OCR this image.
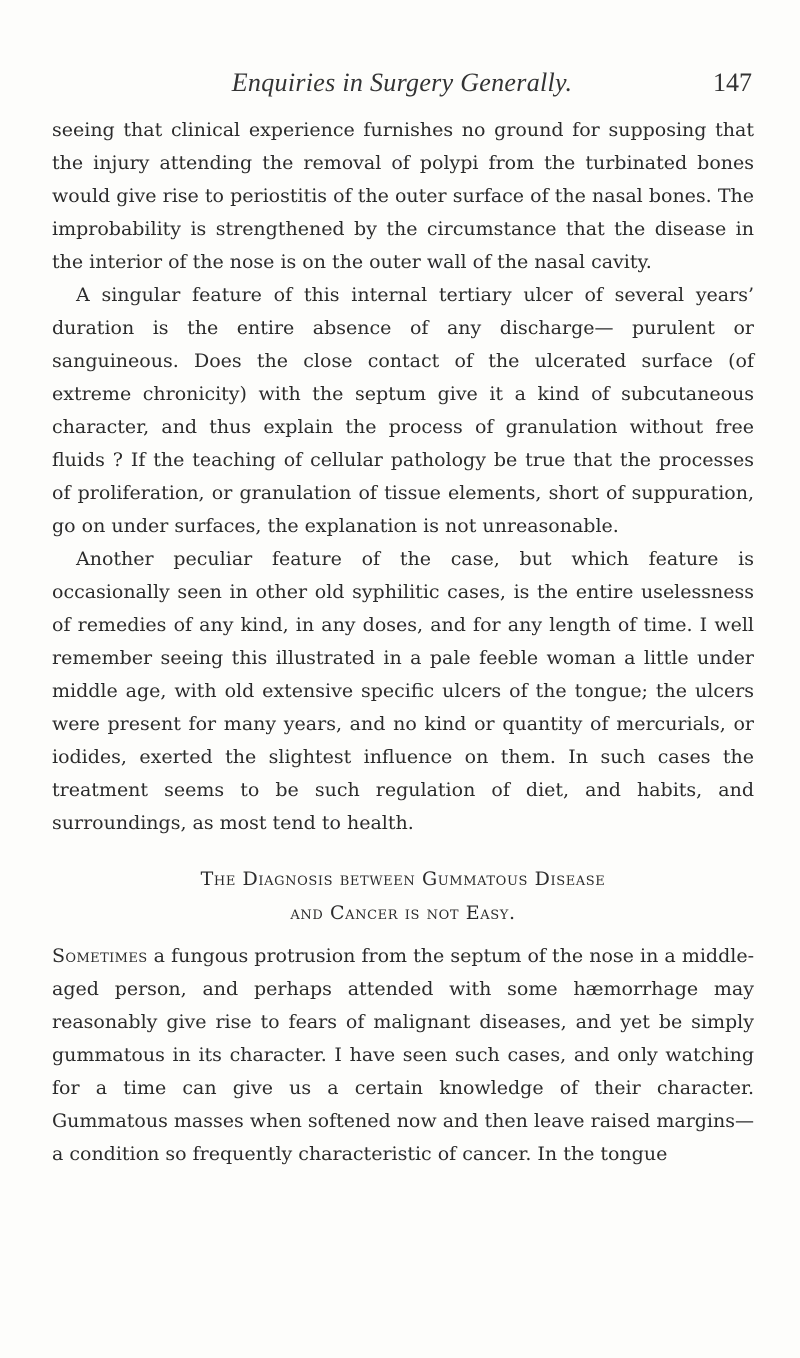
Enquiries in Surgery Generally.	147

seeing that clinical experience furnishes no ground for supposing that the injury attending the removal of polypi from the turbinated bones would give rise to periostitis of the outer surface of the nasal bones. The improbability is strengthened by the circumstance that the disease in the interior of the nose is on the outer wall of the nasal cavity.

A singular feature of this internal tertiary ulcer of several years’ duration is the entire absence of any discharge— purulent or sanguineous. Does the close contact of the ulcerated surface (of extreme chronicity) with the septum give it a kind of subcutaneous character, and thus explain the process of granulation without free fluids ? If the teaching of cellular pathology be true that the processes of proliferation, or granulation of tissue elements, short of suppuration, go on under surfaces, the explanation is not unreasonable.

Another peculiar feature of the case, but which feature is occasionally seen in other old syphilitic cases, is the entire uselessness of remedies of any kind, in any doses, and for any length of time. I well remember seeing this illustrated in a pale feeble woman a little under middle age, with old extensive specific ulcers of the tongue; the ulcers were present for many years, and no kind or quantity of mercurials, or iodides, exerted the slightest influence on them. In such cases the treatment seems to be such regulation of diet, and habits, and surroundings, as most tend to health.

The Diagnosis between Gummatous Disease
and Cancer is not Easy.

Sometimes a fungous protrusion from the septum of the nose in a middle-aged person, and perhaps attended with some hæmorrhage may reasonably give rise to fears of malignant diseases, and yet be simply gummatous in its character. I have seen such cases, and only watching for a time can give us a certain knowledge of their character. Gummatous masses when softened now and then leave raised margins—a condition so frequently characteristic of cancer. In the tongue
